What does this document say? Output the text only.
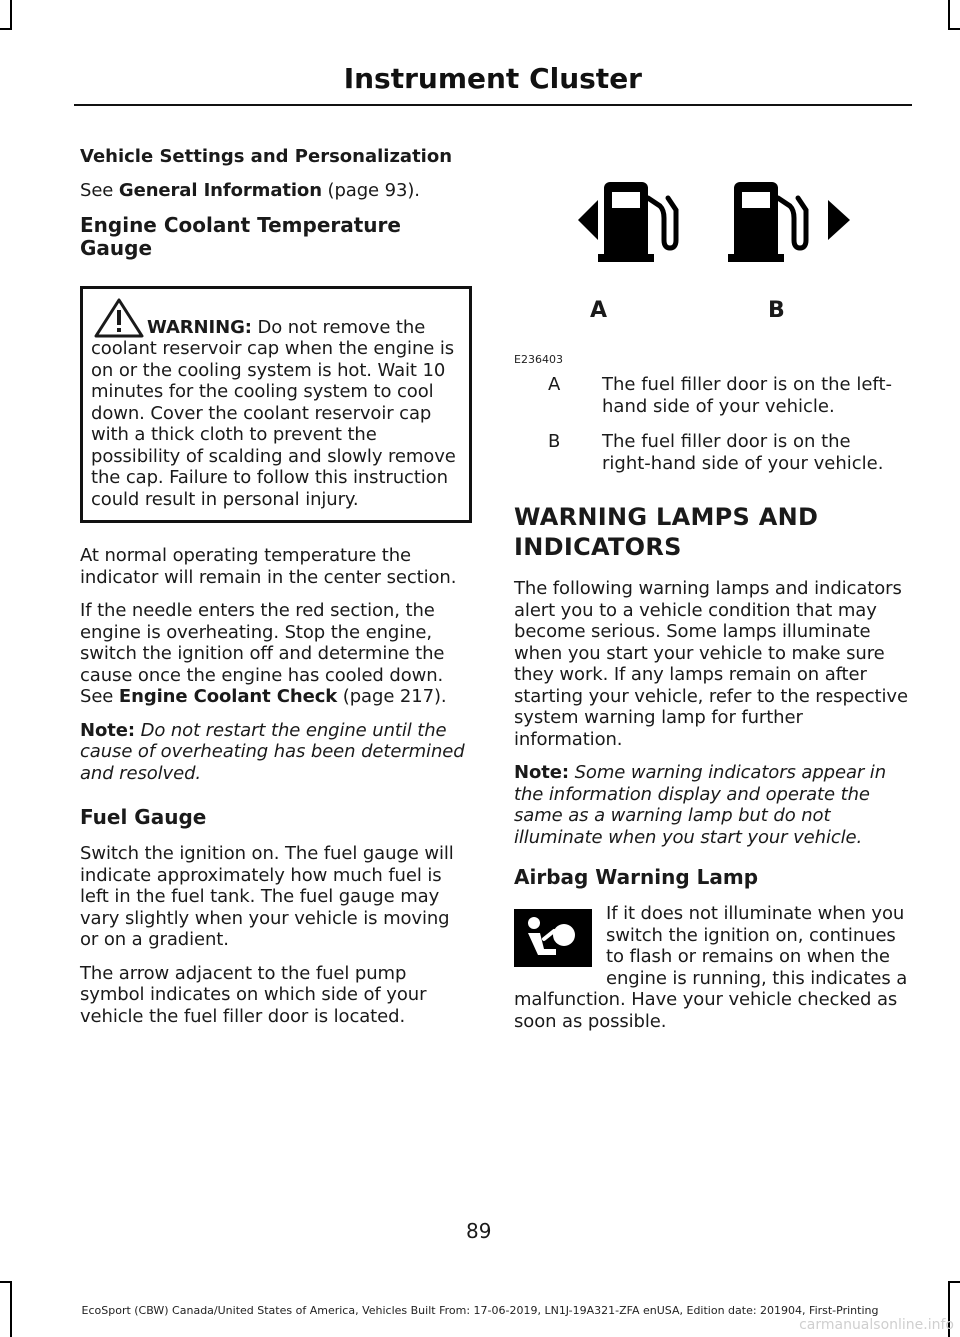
Instrument Cluster
Vehicle Settings and Personalization

See General Information (page 93).

Engine Coolant Temperature
Gauge

WARNING: Do not remove the coolant reservoir cap when the engine is on or the cooling system is hot. Wait 10 minutes for the cooling system to cool down. Cover the coolant reservoir cap with a thick cloth to prevent the possibility of scalding and slowly remove the cap. Failure to follow this instruction could result in personal injury.

At normal operating temperature the indicator will remain in the center section.

If the needle enters the red section, the engine is overheating. Stop the engine, switch the ignition off and determine the cause once the engine has cooled down. See Engine Coolant Check (page 217).

Note: Do not restart the engine until the cause of overheating has been determined and resolved.

Fuel Gauge

Switch the ignition on. The fuel gauge will indicate approximately how much fuel is left in the fuel tank. The fuel gauge may vary slightly when your vehicle is moving or on a gradient.

The arrow adjacent to the fuel pump symbol indicates on which side of your vehicle the fuel filler door is located.

A	B
E236403
A The fuel filler door is on the left-hand side of your vehicle.
B The fuel filler door is on the right-hand side of your vehicle.
WARNING LAMPS AND
INDICATORS

The following warning lamps and indicators alert you to a vehicle condition that may become serious. Some lamps illuminate when you start your vehicle to make sure they work. If any lamps remain on after starting your vehicle, refer to the respective system warning lamp for further information.

Note: Some warning indicators appear in the information display and operate the same as a warning lamp but do not illuminate when you start your vehicle.

Airbag Warning Lamp

If it does not illuminate when you switch the ignition on, continues to flash or remains on when the engine is running, this indicates a malfunction. Have your vehicle checked as soon as possible.

89
EcoSport (CBW) Canada/United States of America, Vehicles Built From: 17-06-2019, LN1J-19A321-ZFA enUSA, Edition date: 201904, First-Printing
carmanualsonline.info
